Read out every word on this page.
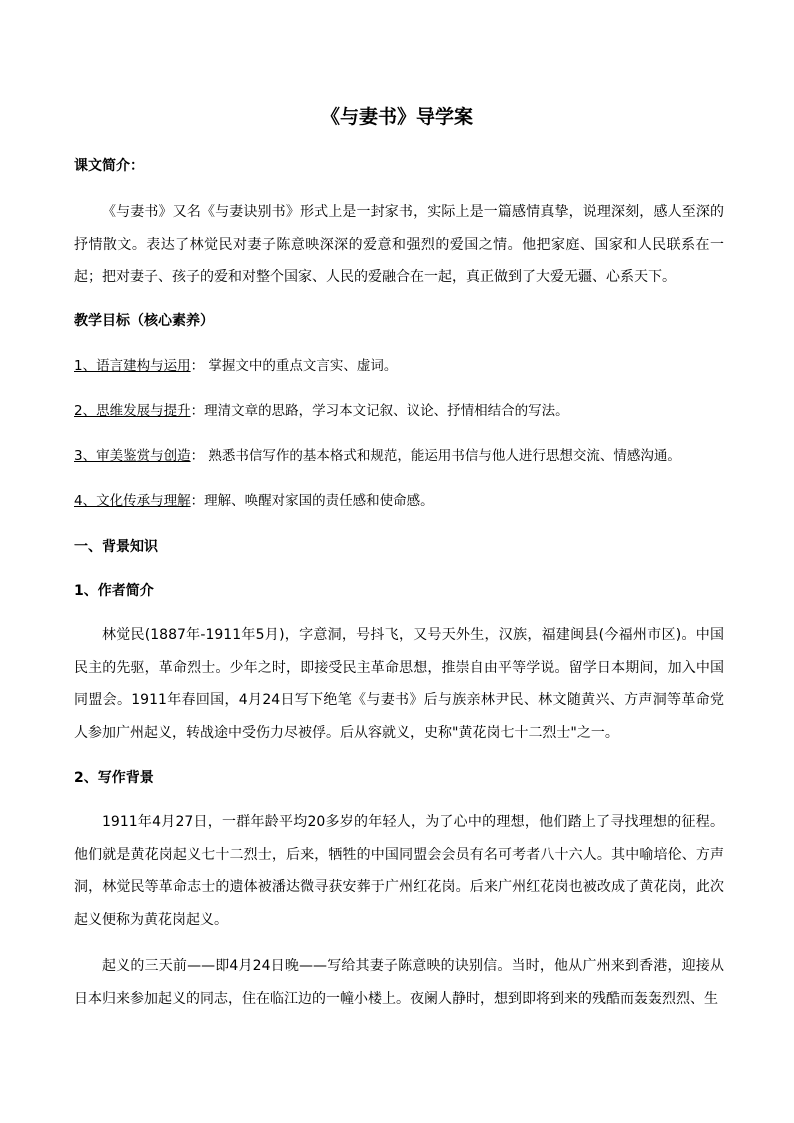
《与妻书》导学案
课文简介：

《与妻书》又名《与妻诀别书》形式上是一封家书，实际上是一篇感情真挚，说理深刻，感人至深的抒情散文。表达了林觉民对妻子陈意映深深的爱意和强烈的爱国之情。他把家庭、国家和人民联系在一起；把对妻子、孩子的爱和对整个国家、人民的爱融合在一起，真正做到了大爱无疆、心系天下。

教学目标（核心素养）
1、语言建构与运用： 掌握文中的重点文言实、虚词。
2、思维发展与提升：理清文章的思路，学习本文记叙、议论、抒情相结合的写法。
3、审美鉴赏与创造： 熟悉书信写作的基本格式和规范，能运用书信与他人进行思想交流、情感沟通。
4、文化传承与理解：理解、唤醒对家国的责任感和使命感。
一、背景知识
1、作者简介

林觉民(1887年-1911年5月)，字意洞，号抖飞，又号天外生，汉族，福建闽县(今福州市区)。中国民主的先驱，革命烈士。少年之时，即接受民主革命思想，推崇自由平等学说。留学日本期间，加入中国同盟会。1911年春回国，4月24日写下绝笔《与妻书》后与族亲林尹民、林文随黄兴、方声洞等革命党人参加广州起义，转战途中受伤力尽被俘。后从容就义，史称"黄花岗七十二烈士"之一。

2、写作背景

1911年4月27日，一群年龄平均20多岁的年轻人，为了心中的理想，他们踏上了寻找理想的征程。他们就是黄花岗起义七十二烈士，后来，牺牲的中国同盟会会员有名可考者八十六人。其中喻培伦、方声洞，林觉民等革命志士的遗体被潘达微寻获安葬于广州红花岗。后来广州红花岗也被改成了黄花岗，此次起义便称为黄花岗起义。

起义的三天前——即4月24日晚——写给其妻子陈意映的诀别信。当时，他从广州来到香港，迎接从日本归来参加起义的同志，住在临江边的一幢小楼上。夜阑人静时，想到即将到来的残酷而轰轰烈烈、生
